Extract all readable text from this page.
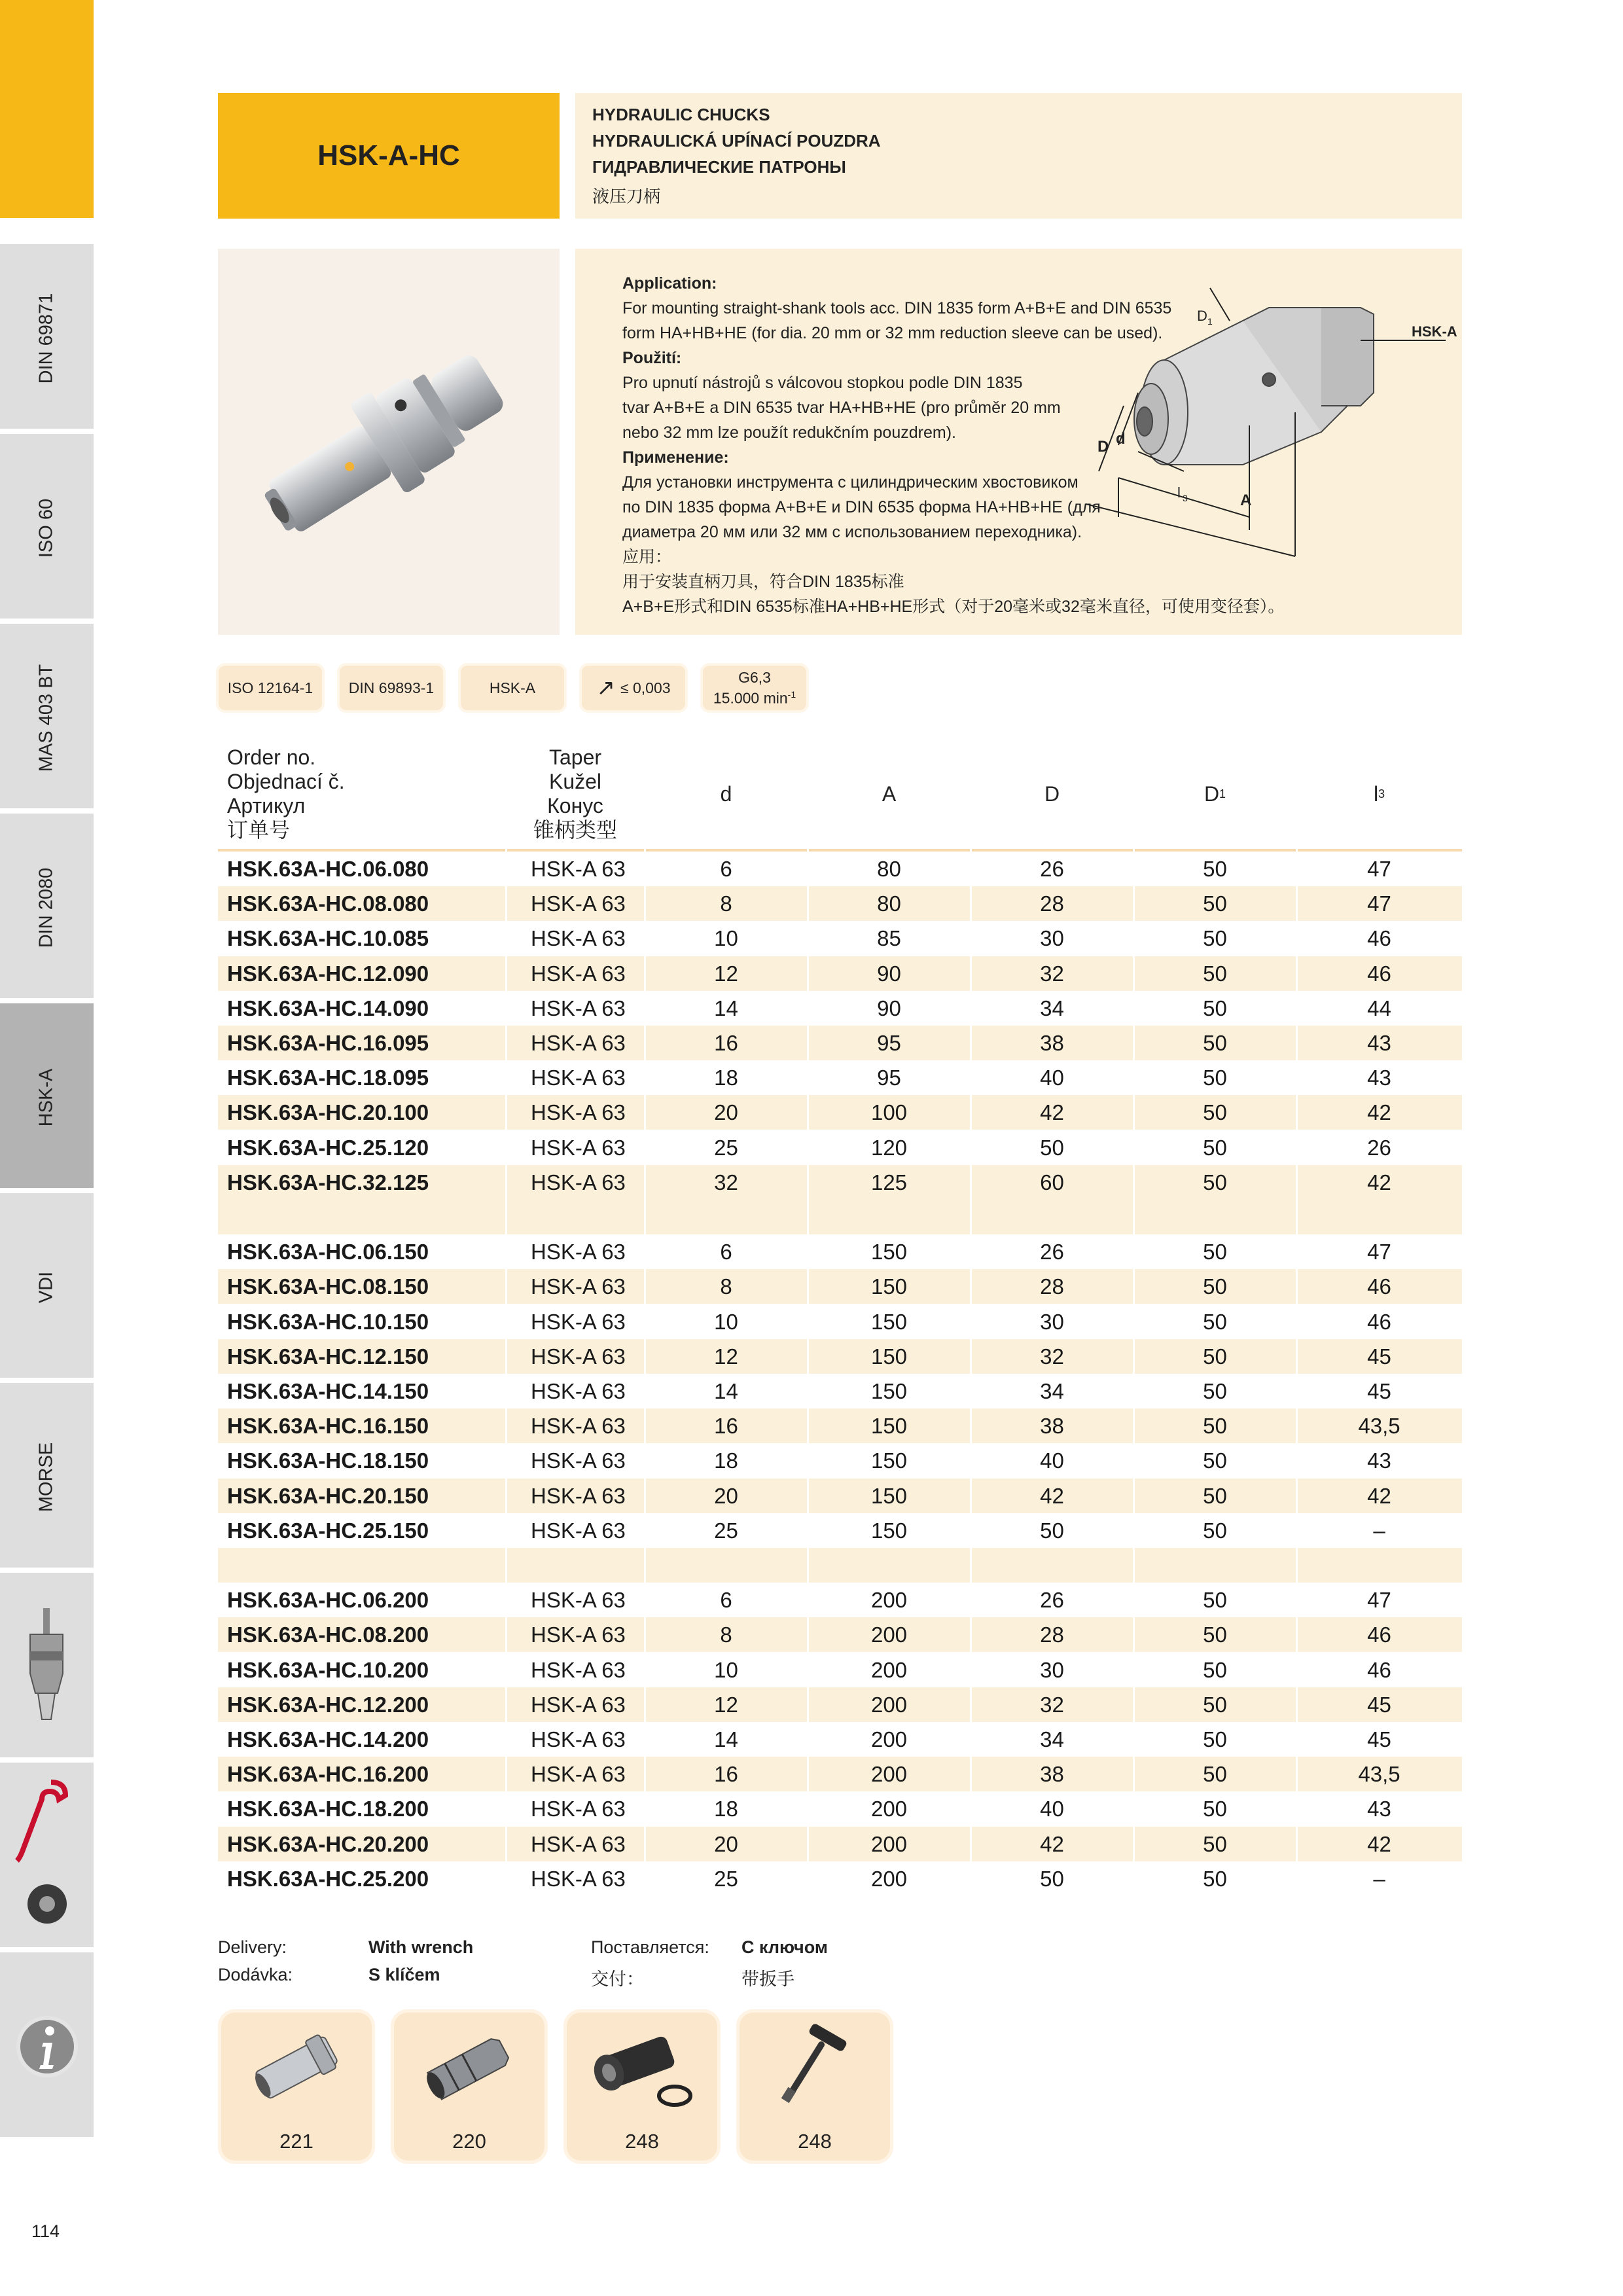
DIN 69871
ISO 60
MAS 403 BT
DIN 2080
HSK-A
VDI
MORSE
114
HSK-A-HC
HYDRAULIC CHUCKS
HYDRAULICKÁ UPÍNACÍ POUZDRA
ГИДРАВЛИЧЕСКИЕ ПАТРОНЫ
液压刀柄
Application:
For mounting straight-shank tools acc. DIN 1835 form A+B+E and DIN 6535
form HA+HB+HE (for dia. 20 mm or 32 mm reduction sleeve can be used).
Použití:
Pro upnutí nástrojů s válcovou stopkou podle DIN 1835
tvar A+B+E a DIN 6535 tvar HA+HB+HE (pro průměr 20 mm
nebo 32 mm lze použít redukčním pouzdrem).
Применение:
Для установки инструмента с цилиндрическим хвостовиком
по DIN 1835 форма A+B+E и DIN 6535 форма HA+HB+HE (для
диаметра 20 мм или 32 мм с использованием переходника).
应用：
用于安装直柄刀具，符合DIN 1835标准
A+B+E形式和DIN 6535标准HA+HB+HE形式（对于20毫米或32毫米直径，可使用变径套）。
HSK-A
D 1
D d
l 3	A
ISO 12164-1 DIN 69893-1	HSK-A	↗ ≤ 0,003
G6,3
15.000 $\min^{-1}$
Order no.
Objednací č.
Артикул
订单号
Taper
Kužel
Конус
锥柄类型
d	A	D	D 1	l 3
HSK.63A-HC.06.080	HSK-A 63	6	80	26	50	47
HSK.63A-HC.08.080	HSK-A 63	8	80	28	50	47
HSK.63A-HC.10.085	HSK-A 63	10	85	30	50	46
HSK.63A-HC.12.090	HSK-A 63	12	90	32	50	46
HSK.63A-HC.14.090	HSK-A 63	14	90	34	50	44
HSK.63A-HC.16.095	HSK-A 63	16	95	38	50	43
HSK.63A-HC.18.095	HSK-A 63	18	95	40	50	43
HSK.63A-HC.20.100	HSK-A 63	20	100	42	50	42
HSK.63A-HC.25.120	HSK-A 63	25	120	50	50	26
HSK.63A-HC.32.125	HSK-A 63	32	125	60	50	42
HSK.63A-HC.06.150	HSK-A 63	6	150	26	50	47
HSK.63A-HC.08.150	HSK-A 63	8	150	28	50	46
HSK.63A-HC.10.150	HSK-A 63	10	150	30	50	46
HSK.63A-HC.12.150	HSK-A 63	12	150	32	50	45
HSK.63A-HC.14.150	HSK-A 63	14	150	34	50	45
HSK.63A-HC.16.150	HSK-A 63	16	150	38	50	43,5
HSK.63A-HC.18.150	HSK-A 63	18	150	40	50	43
HSK.63A-HC.20.150	HSK-A 63	20	150	42	50	42
HSK.63A-HC.25.150	HSK-A 63	25	150	50	50	–
HSK.63A-HC.06.200	HSK-A 63	6	200	26	50	47
HSK.63A-HC.08.200	HSK-A 63	8	200	28	50	46
HSK.63A-HC.10.200	HSK-A 63	10	200	30	50	46
HSK.63A-HC.12.200	HSK-A 63	12	200	32	50	45
HSK.63A-HC.14.200	HSK-A 63	14	200	34	50	45
HSK.63A-HC.16.200	HSK-A 63	16	200	38	50	43,5
HSK.63A-HC.18.200	HSK-A 63	18	200	40	50	43
HSK.63A-HC.20.200	HSK-A 63	20	200	42	50	42
HSK.63A-HC.25.200	HSK-A 63	25	200	50	50	–
Delivery:	With wrench
Dodávka:	S klíčem
Поставляется: С ключом
交付：	带扳手
221	220	248	248
